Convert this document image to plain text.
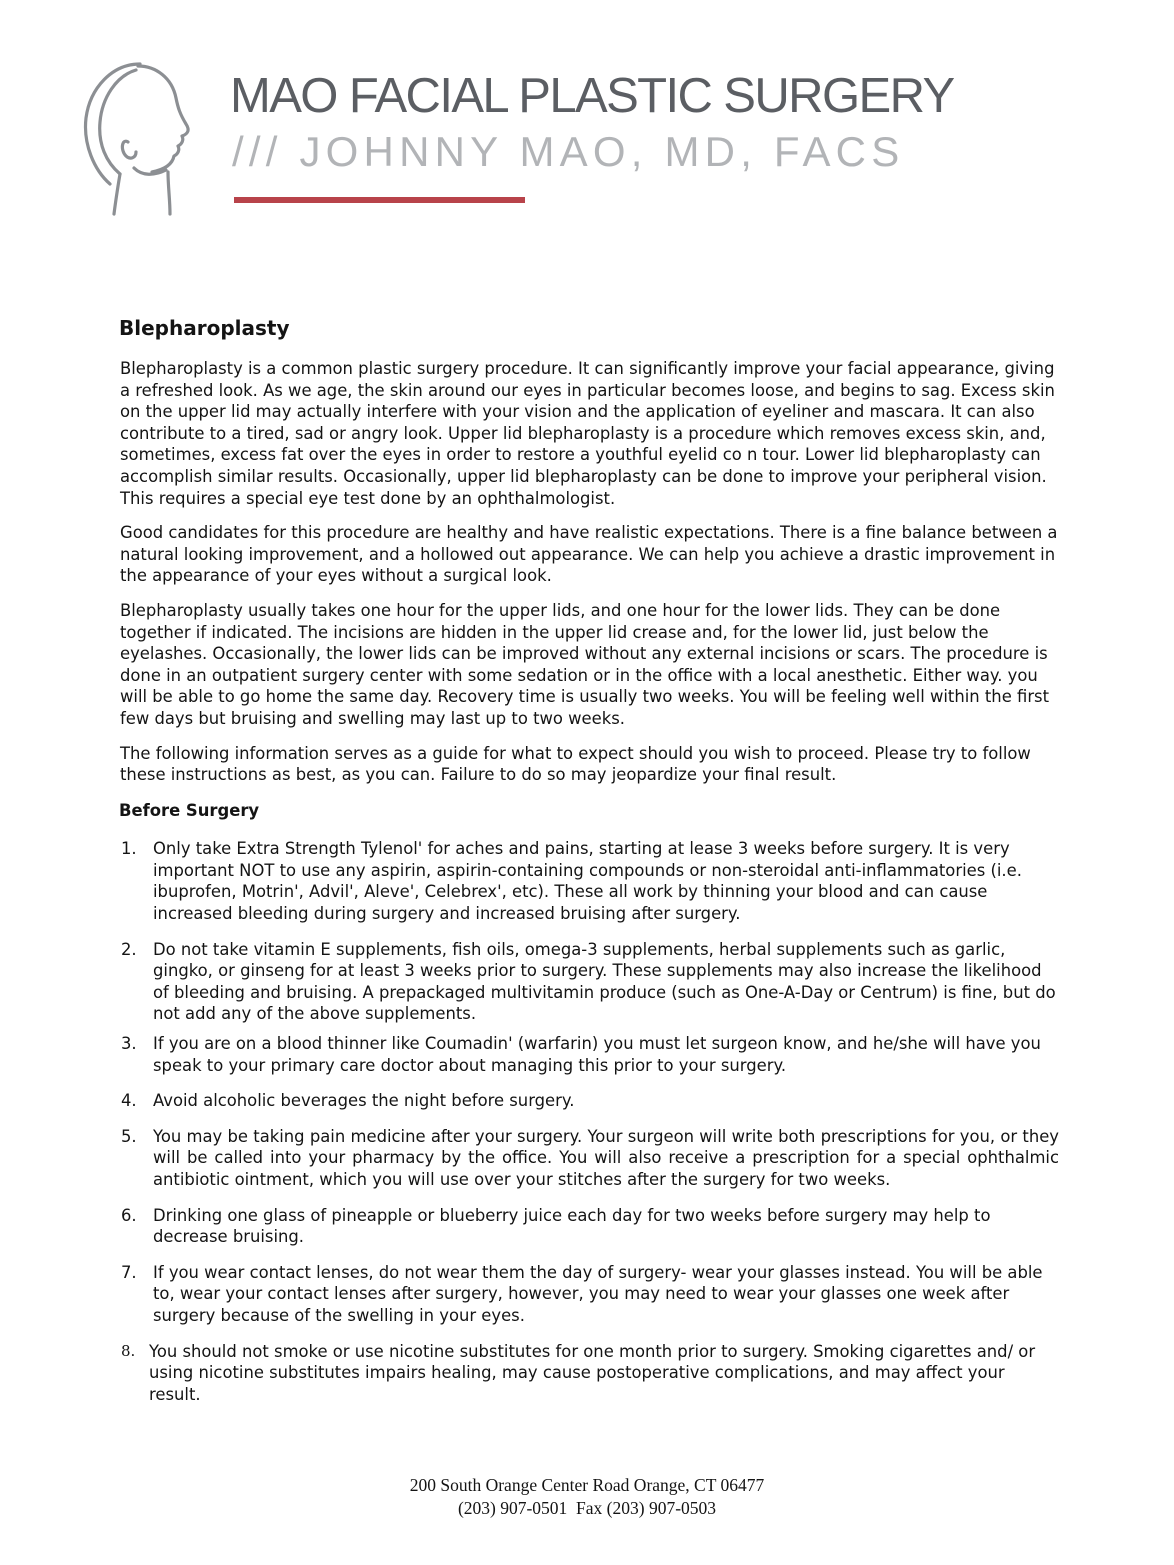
MAO FACIAL PLASTIC SURGERY
/// JOHNNY MAO, MD, FACS
Blepharoplasty

Blepharoplasty is a common plastic surgery procedure. It can significantly improve your facial appearance, giving a refreshed look. As we age, the skin around our eyes in particular becomes loose, and begins to sag. Excess skin on the upper lid may actually interfere with your vision and the application of eyeliner and mascara. It can also contribute to a tired, sad or angry look. Upper lid blepharoplasty is a procedure which removes excess skin, and, sometimes, excess fat over the eyes in order to restore a youthful eyelid co n tour. Lower lid blepharoplasty can accomplish similar results. Occasionally, upper lid blepharoplasty can be done to improve your peripheral vision. This requires a special eye test done by an ophthalmologist.

Good candidates for this procedure are healthy and have realistic expectations. There is a fine balance between a natural looking improvement, and a hollowed out appearance. We can help you achieve a drastic improvement in the appearance of your eyes without a surgical look.

Blepharoplasty usually takes one hour for the upper lids, and one hour for the lower lids. They can be done together if indicated. The incisions are hidden in the upper lid crease and, for the lower lid, just below the eyelashes. Occasionally, the lower lids can be improved without any external incisions or scars. The procedure is done in an outpatient surgery center with some sedation or in the office with a local anesthetic. Either way. you will be able to go home the same day. Recovery time is usually two weeks. You will be feeling well within the first few days but bruising and swelling may last up to two weeks.

The following information serves as a guide for what to expect should you wish to proceed. Please try to follow these instructions as best, as you can. Failure to do so may jeopardize your final result.

Before Surgery
1. Only take Extra Strength Tylenol' for aches and pains, starting at lease 3 weeks before surgery. It is very important NOT to use any aspirin, aspirin-containing compounds or non-steroidal anti-inflammatories (i.e. ibuprofen, Motrin', Advil', Aleve', Celebrex', etc). These all work by thinning your blood and can cause increased bleeding during surgery and increased bruising after surgery.
2. Do not take vitamin E supplements, fish oils, omega-3 supplements, herbal supplements such as garlic, gingko, or ginseng for at least 3 weeks prior to surgery. These supplements may also increase the likelihood of bleeding and bruising. A prepackaged multivitamin produce (such as One-A-Day or Centrum) is fine, but do not add any of the above supplements.
3. If you are on a blood thinner like Coumadin' (warfarin) you must let surgeon know, and he/she will have you speak to your primary care doctor about managing this prior to your surgery.
4. Avoid alcoholic beverages the night before surgery.
5. You may be taking pain medicine after your surgery. Your surgeon will write both prescriptions for you, or they will be called into your pharmacy by the office. You will also receive a prescription for a special ophthalmic antibiotic ointment, which you will use over your stitches after the surgery for two weeks.
6. Drinking one glass of pineapple or blueberry juice each day for two weeks before surgery may help to decrease bruising.
7. If you wear contact lenses, do not wear them the day of surgery- wear your glasses instead. You will be able to, wear your contact lenses after surgery, however, you may need to wear your glasses one week after surgery because of the swelling in your eyes.
8. You should not smoke or use nicotine substitutes for one month prior to surgery. Smoking cigarettes and/ or using nicotine substitutes impairs healing, may cause postoperative complications, and may affect your result.
200 South Orange Center Road Orange, CT 06477
(203) 907-0501  Fax (203) 907-0503
